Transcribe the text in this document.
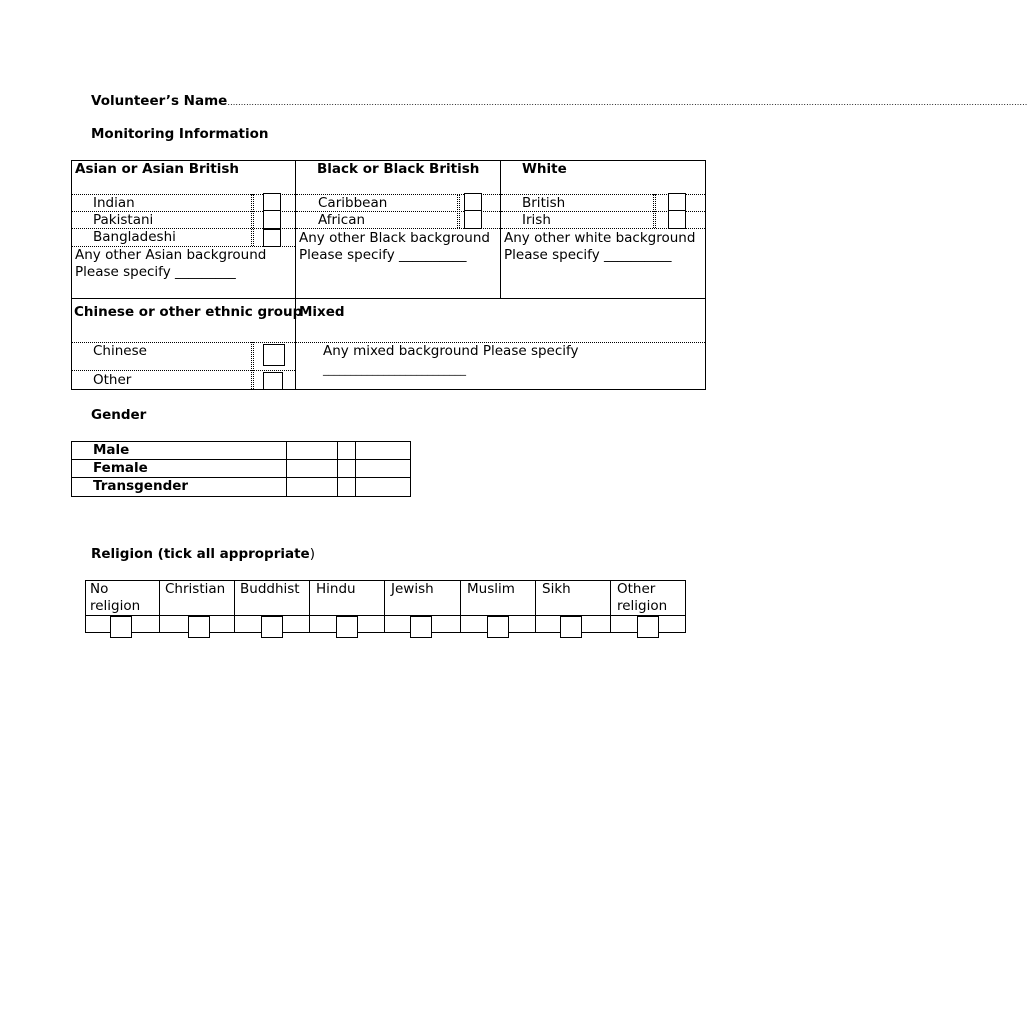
Volunteer’s Name…………………………………………………………………………………………………………………………………………………………………………………………………………………………………………………………………………
Monitoring Information
Asian or Asian British
Indian
Pakistani
Bangladeshi
Any other Asian background
Please specify _________
Black or Black British
Caribbean
African
Any other Black background
Please specify __________
White
British
Irish
Any other white background
Please specify __________
Chinese or other ethnic group
Mixed
Chinese
Other
Any mixed background Please specify
__________________________
Gender
Male
Female
Transgender
Religion (tick all appropriate)
No
religion
Christian Buddhist Hindu	Jewish Muslim Sikh	Other
religion
